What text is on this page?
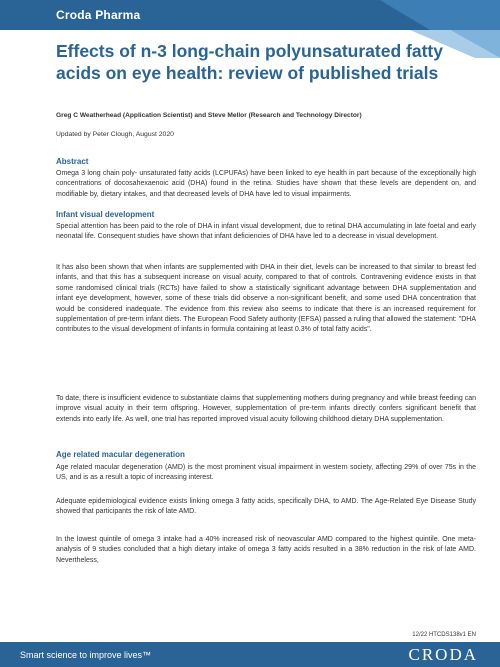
Croda Pharma
Effects of n-3 long-chain polyunsaturated fatty acids on eye health: review of published trials
Greg C Weatherhead (Application Scientist) and Steve Mellor (Research and Technology Director)
Updated by Peter Clough, August 2020
Abstract

Omega 3 long chain poly- unsaturated fatty acids (LCPUFAs) have been linked to eye health in part because of the exceptionally high concentrations of docosahexaenoic acid (DHA) found in the retina. Studies have shown that these levels are dependent on, and modifiable by, dietary intakes, and that decreased levels of DHA have led to visual impairments.

Infant visual development

Special attention has been paid to the role of DHA in infant visual development, due to retinal DHA accumulating in late foetal and early neonatal life. Consequent studies have shown that infant deficiencies of DHA have led to a decrease in visual development.

It has also been shown that when infants are supplemented with DHA in their diet, levels can be increased to that similar to breast fed infants, and that this has a subsequent increase on visual acuity, compared to that of controls. Contravening evidence exists in that some randomised clinical trials (RCTs) have failed to show a statistically significant advantage between DHA supplementation and infant eye development, however, some of these trials did observe a non-significant benefit, and some used DHA concentration that would be considered inadequate. The evidence from this review also seems to indicate that there is an increased requirement for supplementation of pre-term infant diets. The European Food Safety authority (EFSA) passed a ruling that allowed the statement: "DHA contributes to the visual development of infants in formula containing at least 0.3% of total fatty acids".

To date, there is insufficient evidence to substantiate claims that supplementing mothers during pregnancy and while breast feeding can improve visual acuity in their term offspring. However, supplementation of pre-term infants directly confers significant benefit that extends into early life. As well, one trial has reported improved visual acuity following childhood dietary DHA supplementation.

Age related macular degeneration

Age related macular degeneration (AMD) is the most prominent visual impairment in western society, affecting 29% of over 75s in the US, and is as a result a topic of increasing interest.

Adequate epidemiological evidence exists linking omega 3 fatty acids, specifically DHA, to AMD. The Age-Related Eye Disease Study showed that participants the risk of late AMD.

In the lowest quintile of omega 3 intake had a 40% increased risk of neovascular AMD compared to the highest quintile. One meta-analysis of 9 studies concluded that a high dietary intake of omega 3 fatty acids resulted in a 38% reduction in the risk of late AMD. Nevertheless,

12/22 HTCDS138v1 EN
Smart science to improve lives™	CRODA
